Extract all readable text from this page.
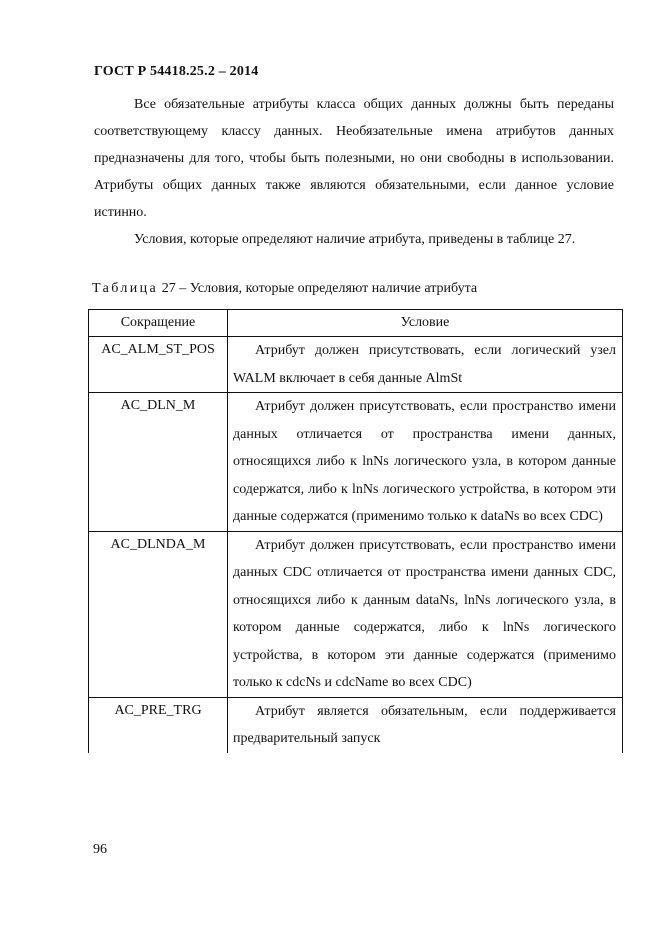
ГОСТ Р 54418.25.2 – 2014

Все обязательные атрибуты класса общих данных должны быть переданы соответствующему классу данных. Необязательные имена атрибутов данных предназначены для того, чтобы быть полезными, но они свободны в использовании. Атрибуты общих данных также являются обязательными, если данное условие истинно.

Условия, которые определяют наличие атрибута, приведены в таблице 27.

Таблица 27 – Условия, которые определяют наличие атрибута
Сокращение	Условие
AC_ALM_ST_POS	Атрибут должен присутствовать, если логический узел WALM включает в себя данные AlmSt
AC_DLN_M	Атрибут должен присутствовать, если пространство имени данных отличается от пространства имени данных, относящихся либо к lnNs логического узла, в котором данные содержатся, либо к lnNs логического устройства, в котором эти данные содержатся (применимо только к dataNs во всех CDC)
AC_DLNDA_M	Атрибут должен присутствовать, если пространство имени данных CDC отличается от пространства имени данных CDC, относящихся либо к данным dataNs, lnNs логического узла, в котором данные содержатся, либо к lnNs логического устройства, в котором эти данные содержатся (применимо только к cdcNs и cdcName во всех CDC)
AC_PRE_TRG	Атрибут является обязательным, если поддерживается предварительный запуск
96
